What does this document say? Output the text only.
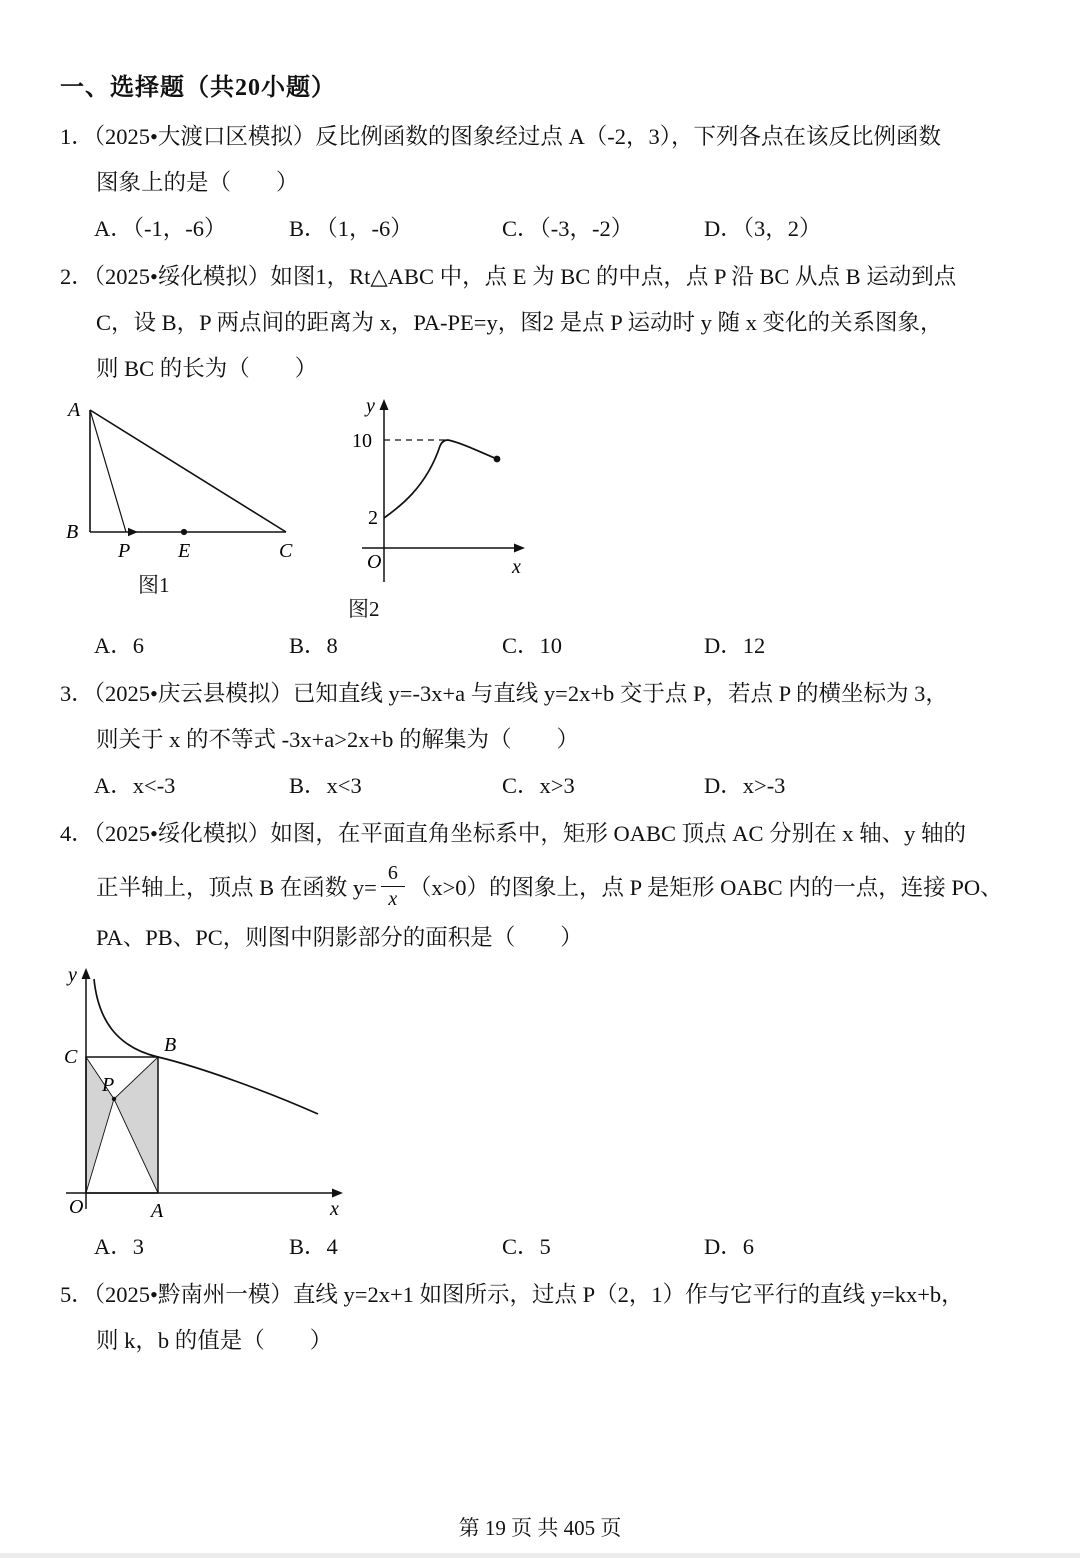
一、选择题（共20小题）
1．（2025•大渡口区模拟）反比例函数的图象经过点 A（-2，3），下列各点在该反比例函数
图象上的是（　　）
A．（-1，-6）	B．（1，-6）	C．（-3，-2）	D．（3，2）
2．（2025•绥化模拟）如图1，Rt△ABC 中，点 E 为 BC 的中点，点 P 沿 BC 从点 B 运动到点
C，设 B，P 两点间的距离为 x，PA-PE=y，图2 是点 P 运动时 y 随 x 变化的关系图象，
则 BC 的长为（　　）
A
B
P E	C
图1
y
x
O
10
2
图2
A．6	B．8	C．10	D．12
3．（2025•庆云县模拟）已知直线 y=-3x+a 与直线 y=2x+b 交于点 P，若点 P 的横坐标为 3，
则关于 x 的不等式 -3x+a>2x+b 的解集为（　　）
A．x<-3	B．x<3	C．x>3	D．x>-3
4．（2025•绥化模拟）如图，在平面直角坐标系中，矩形 OABC 顶点 AC 分别在 x 轴、y 轴的
正半轴上，顶点 B 在函数 $y= \frac{6}{x} (x>0)$的图象上，点 P 是矩形 OABC 内的一点，连接 PO、
PA、PB、PC，则图中阴影部分的面积是（　　）
y
x
O
C
B
P
A
A．3	B．4	C．5	D．6
5．（2025•黔南州一模）直线 y=2x+1 如图所示，过点 P（2，1）作与它平行的直线 y=kx+b，
则 k，b 的值是（　　）
第 19 页 共 405 页
